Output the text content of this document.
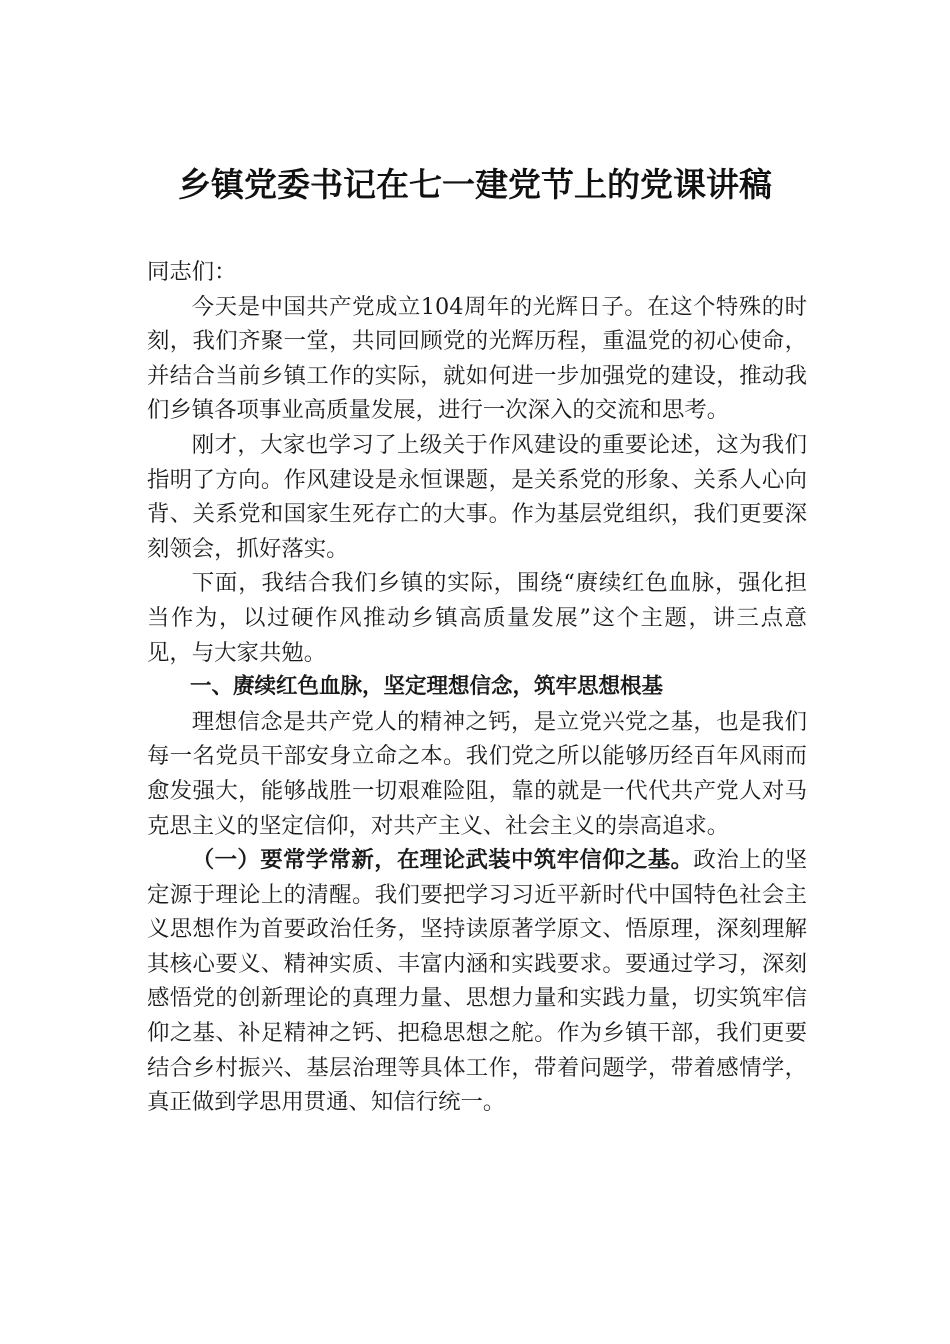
乡镇党委书记在七一建党节上的党课讲稿

同志们：

今天是中国共产党成立104周年的光辉日子。在这个特殊的时刻，我们齐聚一堂，共同回顾党的光辉历程，重温党的初心使命，并结合当前乡镇工作的实际，就如何进一步加强党的建设，推动我们乡镇各项事业高质量发展，进行一次深入的交流和思考。

刚才，大家也学习了上级关于作风建设的重要论述，这为我们指明了方向。作风建设是永恒课题，是关系党的形象、关系人心向背、关系党和国家生死存亡的大事。作为基层党组织，我们更要深刻领会，抓好落实。

下面，我结合我们乡镇的实际，围绕“赓续红色血脉，强化担当作为，以过硬作风推动乡镇高质量发展”这个主题，讲三点意见，与大家共勉。

一、赓续红色血脉，坚定理想信念，筑牢思想根基

理想信念是共产党人的精神之钙，是立党兴党之基，也是我们每一名党员干部安身立命之本。我们党之所以能够历经百年风雨而愈发强大，能够战胜一切艰难险阻，靠的就是一代代共产党人对马克思主义的坚定信仰，对共产主义、社会主义的崇高追求。

（一）要常学常新，在理论武装中筑牢信仰之基。政治上的坚定源于理论上的清醒。我们要把学习习近平新时代中国特色社会主义思想作为首要政治任务，坚持读原著学原文、悟原理，深刻理解其核心要义、精神实质、丰富内涵和实践要求。要通过学习，深刻感悟党的创新理论的真理力量、思想力量和实践力量，切实筑牢信仰之基、补足精神之钙、把稳思想之舵。作为乡镇干部，我们更要结合乡村振兴、基层治理等具体工作，带着问题学，带着感情学，真正做到学思用贯通、知信行统一。
